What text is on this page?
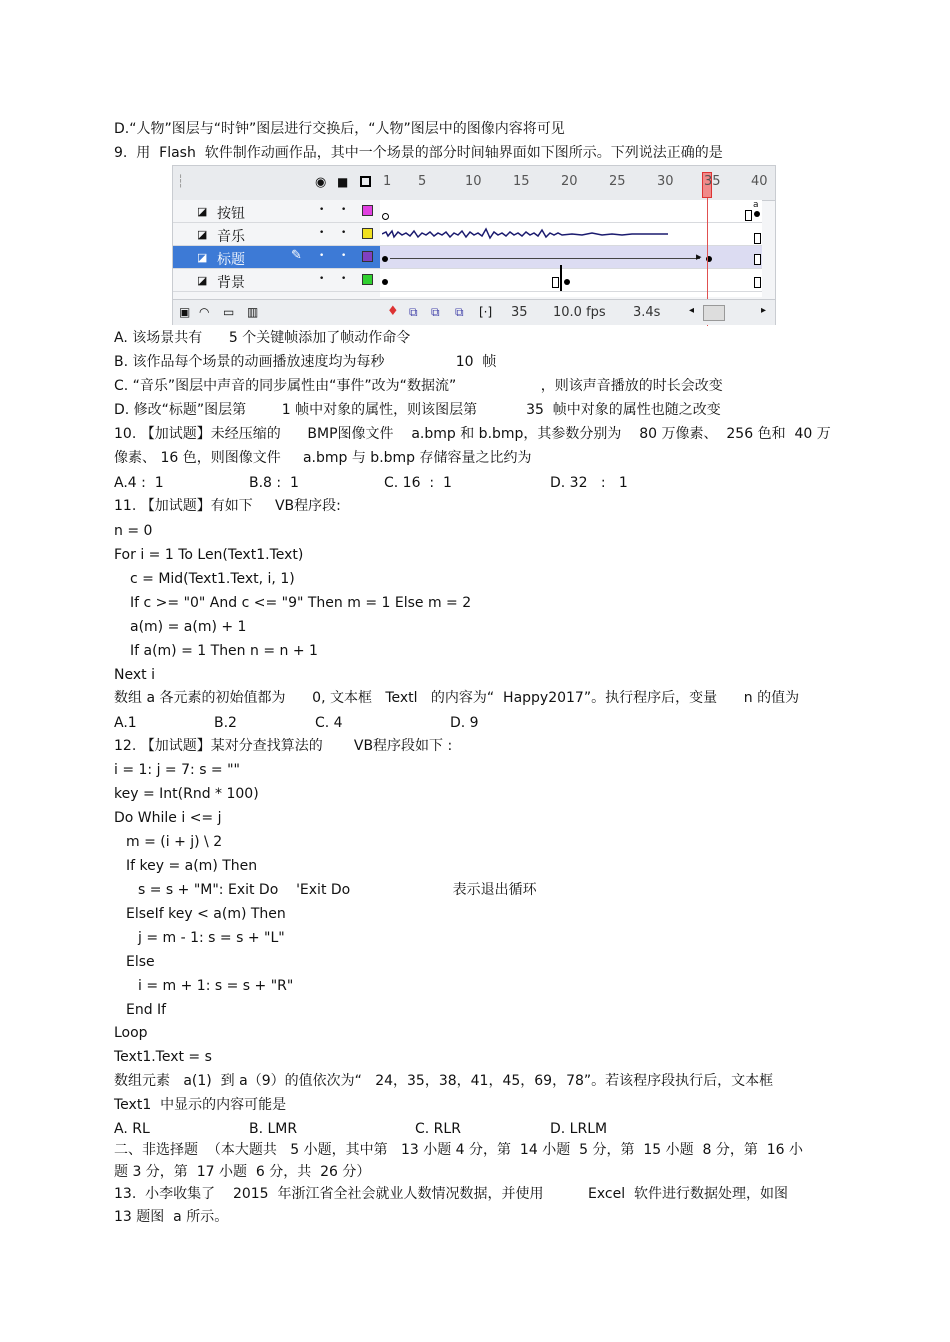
D.“人物”图层与“时钟”图层进行交换后，“人物”图层中的图像内容将可见
9.  用  Flash  软件制作动画作品，其中一个场景的部分时间轴界面如下图所示。下列说法正确的是
┆	◉ ■	1 5	10 15 20 25 30 35 40
◪ 按钮	• •
◪ 音乐	• •
◪ 标题	✎ • •
◪ 背景	• •
a
▸
▣ ◠ ▭ ▥	♦ ⧉ ⧉ ⧉ [·] 35 10.0 fps 3.4s	◂	▸
A. 该场景共有      5 个关键帧添加了帧动作命令
B. 该作品每个场景的动画播放速度均为每秒                10  帧
C. “音乐”图层中声音的同步属性由“事件”改为“数据流”                   ，则该声音播放的时长会改变
D. 修改“标题”图层第        1 帧中对象的属性，则该图层第           35  帧中对象的属性也随之改变
10. 【加试题】未经压缩的      BMP图像文件    a.bmp 和 b.bmp，其参数分别为    80 万像素、  256 色和  40 万
像素、 16 色，则图像文件     a.bmp 与 b.bmp 存储容量之比约为
A.4 :  1	B.8 :  1	C. 16  :  1	D. 32   :   1
11. 【加试题】有如下     VB程序段:
n = 0
For i = 1 To Len(Text1.Text)
c = Mid(Text1.Text, i, 1)
If c >= "0" And c <= "9" Then m = 1 Else m = 2
a(m) = a(m) + 1
If a(m) = 1 Then n = n + 1
Next i
数组 a 各元素的初始值都为      0, 文本框   Textl   的内容为“  Happy2017”。执行程序后，变量      n 的值为
A.1	B.2	C. 4	D. 9
12. 【加试题】某对分查找算法的       VB程序段如下 :
i = 1: j = 7: s = ""
key = Int(Rnd * 100)
Do While i <= j
m = (i + j) \ 2
If key = a(m) Then
s = s + "M": Exit Do    'Exit Do                       表示退出循环
ElseIf key < a(m) Then
j = m - 1: s = s + "L"
Else
i = m + 1: s = s + "R"
End If
Loop
Text1.Text = s
数组元素   a(1)  到 a（9）的值依次为“   24，35，38，41，45，69，78”。若该程序段执行后，文本框
Text1  中显示的内容可能是
A. RL	B. LMR	C. RLR	D. LRLM
二、非选择题  （本大题共   5 小题，其中第   13 小题 4 分，第  14 小题  5 分，第  15 小题  8 分，第  16 小
题 3 分，第  17 小题  6 分，共  26 分）
13.  小李收集了    2015  年浙江省全社会就业人数情况数据，并使用          Excel  软件进行数据处理，如图
13 题图  a 所示。
